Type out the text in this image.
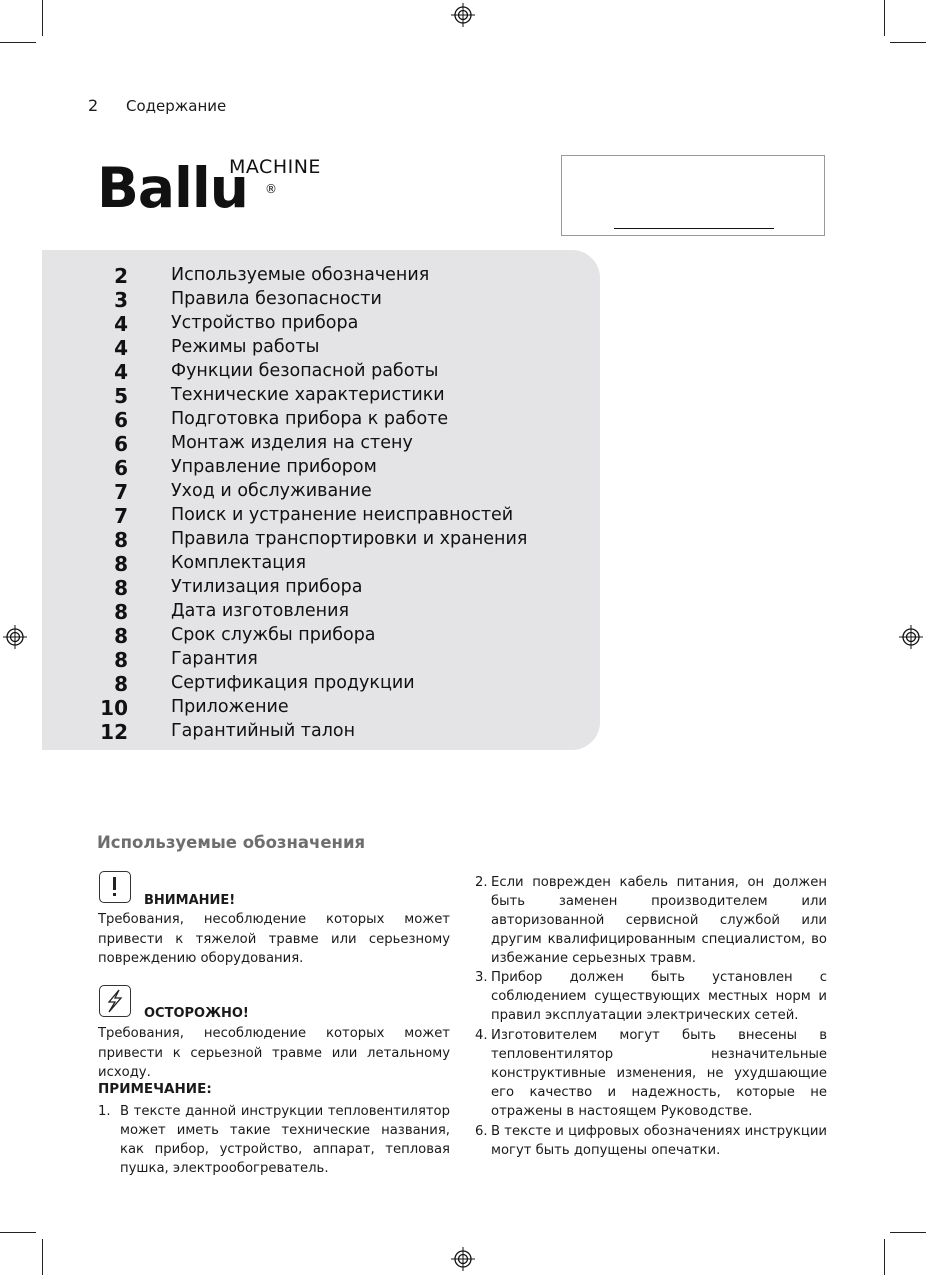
2 Содержание
Ballu
MACHINE
®
2 Используемые обозначения
3 Правила безопасности
4 Устройство прибора
4 Режимы работы
4 Функции безопасной работы
5 Технические характеристики
6 Подготовка прибора к работе
6 Монтаж изделия на стену
6 Управление прибором
7 Уход и обслуживание
7 Поиск и устранение неисправностей
8 Правила транспортировки и хранения
8 Комплектация
8 Утилизация прибора
8 Дата изготовления
8 Срок службы прибора
8 Гарантия
8 Сертификация продукции
10 Приложение
12 Гарантийный талон
Используемые обозначения
ВНИМАНИЕ!
Требования, несоблюдение которых может привести к тяжелой травме или серьезному повреждению оборудования.
ОСТОРОЖНО!
Требования, несоблюдение которых может привести к серьезной травме или летальному исходу.
ПРИМЕЧАНИЕ:
1. В тексте данной инструкции тепловентилятор может иметь такие технические названия, как прибор, устройство, аппарат, тепловая пушка, электрообогреватель.
2. Если поврежден кабель питания, он должен быть заменен производителем или авторизованной сервисной службой или другим квалифицированным специалистом, во избежание серьезных травм.
3. Прибор должен быть установлен с соблюдением существующих местных норм и правил эксплуатации электрических сетей.
4. Изготовителем могут быть внесены в тепловентилятор незначительные конструктивные изменения, не ухудшающие его качество и надежность, которые не отражены в настоящем Руководстве.
6. В тексте и цифровых обозначениях инструкции могут быть допущены опечатки.
